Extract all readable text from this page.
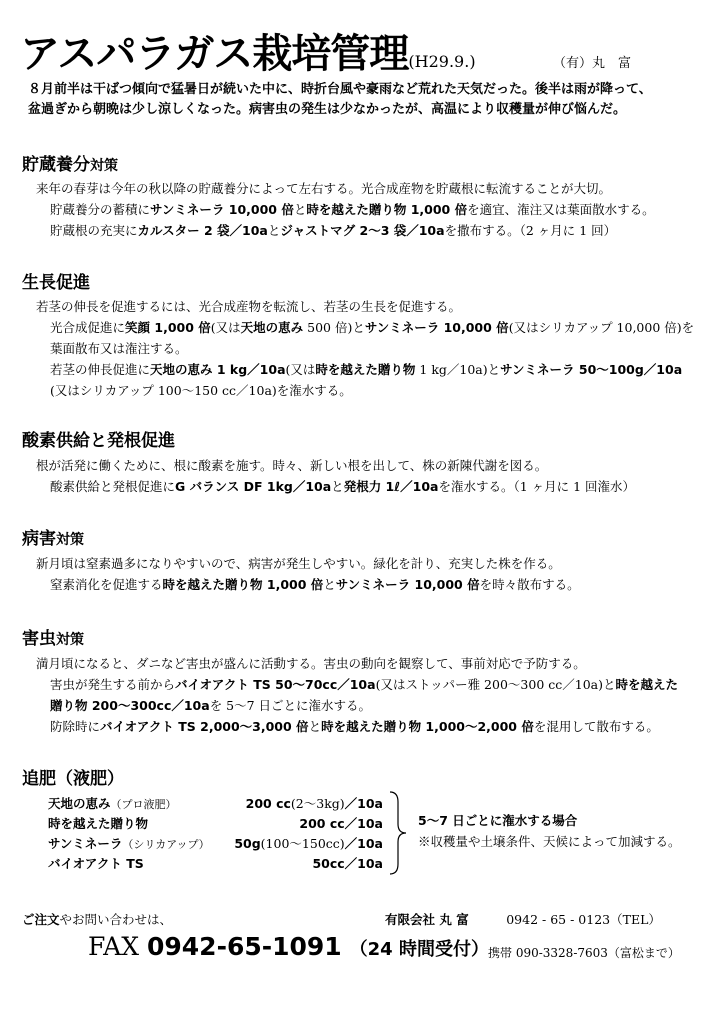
アスパラガス栽培管理(H29.9.)	（有）丸　富
８月前半は干ばつ傾向で猛暑日が続いた中に、時折台風や豪雨など荒れた天気だった。後半は雨が降って、
盆過ぎから朝晩は少し涼しくなった。病害虫の発生は少なかったが、高温により収穫量が伸び悩んだ。
貯蔵養分対策
来年の春芽は今年の秋以降の貯蔵養分によって左右する。光合成産物を貯蔵根に転流することが大切。
貯蔵養分の蓄積にサンミネーラ 10,000 倍と時を越えた贈り物 1,000 倍を適宜、潅注又は葉面散水する。
貯蔵根の充実にカルスター 2 袋／10aとジャストマグ 2～3 袋／10aを撒布する。（2 ヶ月に 1 回）
生長促進
若茎の伸長を促進するには、光合成産物を転流し、若茎の生長を促進する。
光合成促進に笑顔 1,000 倍(又は天地の恵み 500 倍)とサンミネーラ 10,000 倍(又はシリカアップ 10,000 倍)を
葉面散布又は潅注する。
若茎の伸長促進に天地の恵み 1 kg／10a(又は時を越えた贈り物 1 kg／10a)とサンミネーラ 50～100g／10a
(又はシリカアップ 100～150 cc／10a)を潅水する。
酸素供給と発根促進
根が活発に働くために、根に酸素を施す。時々、新しい根を出して、株の新陳代謝を図る。
酸素供給と発根促進にG バランス DF 1kg／10aと発根力 1ℓ／10aを潅水する。（1 ヶ月に 1 回潅水）
病害対策
新月頃は窒素過多になりやすいので、病害が発生しやすい。緑化を計り、充実した株を作る。
窒素消化を促進する時を越えた贈り物 1,000 倍とサンミネーラ 10,000 倍を時々散布する。
害虫対策
満月頃になると、ダニなど害虫が盛んに活動する。害虫の動向を観察して、事前対応で予防する。
害虫が発生する前からバイオアクト TS 50～70cc／10a(又はストッパー雅 200～300 cc／10a)と時を越えた
贈り物 200～300cc／10aを 5～7 日ごとに潅水する。
防除時にバイオアクト TS 2,000～3,000 倍と時を越えた贈り物 1,000～2,000 倍を混用して散布する。
追肥（液肥）
天地の恵み（プロ液肥）	200 cc(2～3kg)／10a
時を越えた贈り物	200 cc／10a
サンミネーラ（シリカアップ） 50g(100～150cc)／10a
バイオアクト TS	50cc／10a
5～7 日ごとに潅水する場合
※収穫量や土壌条件、天候によって加減する。
ご注文やお問い合わせは、	有限会社 丸 富　　　	0942 - 65 - 0123（TEL）
FAX 0942-65-1091 （24 時間受付） 携帯 090-3328-7603（富松まで）
